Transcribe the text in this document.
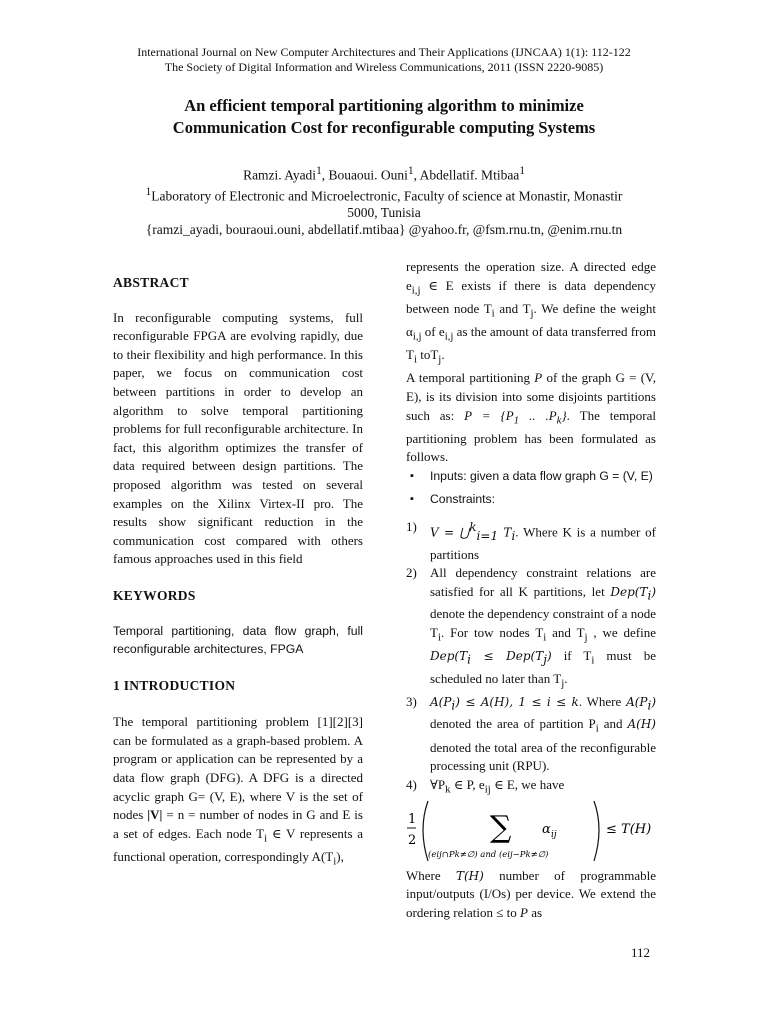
International Journal on New Computer Architectures and Their Applications (IJNCAA) 1(1): 112-122
The Society of Digital Information and Wireless Communications, 2011 (ISSN 2220-9085)
An efficient temporal partitioning algorithm to minimize
Communication Cost for reconfigurable computing Systems
Ramzi. Ayadi$^1$, Bouaoui. Ouni$^1$, Abdellatif. Mtibaa$^1$
$^1$Laboratory of Electronic and Microelectronic, Faculty of science at Monastir, Monastir
5000, Tunisia
{ramzi_ayadi, bouraoui.ouni, abdellatif.mtibaa} @yahoo.fr, @fsm.rnu.tn, @enim.rnu.tn

ABSTRACT

In reconfigurable computing systems, full reconfigurable FPGA are evolving rapidly, due to their flexibility and high performance. In this paper, we focus on communication cost between partitions in order to develop an algorithm to solve temporal partitioning problems for full reconfigurable architecture. In fact, this algorithm optimizes the transfer of data required between design partitions. The proposed algorithm was tested on several examples on the Xilinx Virtex-II pro. The results show significant reduction in the communication cost compared with others famous approaches used in this field

KEYWORDS

Temporal partitioning, data flow graph, full reconfigurable architectures, FPGA

1 INTRODUCTION

The temporal partitioning problem [1][2][3] can be formulated as a graph-based problem. A program or application can be represented by a data flow graph (DFG). A DFG is a directed acyclic graph G= (V, E), where V is the set of nodes |V| = n = number of nodes in G and E is a set of edges. Each node $T_i$ ∈ V represents a functional operation, correspondingly $A(T_i)$,

represents the operation size. A directed edge $e_{i,j}$ ∈ E exists if there is data dependency between node $T_i$ and $T_j$. We define the weight $\alpha_{i,j}$ of $e_{i,j}$ as the amount of data transferred from $T_i$ toT$_j$.

A temporal partitioning P of the graph G = (V, E), is its division into some disjoints partitions such as: $P = \{P_1$ .. $.P_k$}. The temporal partitioning problem has been formulated as follows.

▪ Inputs: given a data flow graph G = (V, E)
▪ Constraints:
1) V = ⋃$^k_{i=1}$ $T_i$. Where K is a number of partitions
2) All dependency constraint relations are satisfied for all K partitions, let $Dep(T_i)$ denote the dependency constraint of a node $T_i$. For tow nodes $T_i$ and $T_j$ , we define $Dep(T_i \le Dep(T_j)$ if $T_i$ must be scheduled no later than $T_j$.
3) $A(P_i) \le A(H)$, 1 ≤ i ≤ k. Where $A(P_i)$ denoted the area of partition $P_i$ and A(H) denoted the total area of the reconfigurable processing unit (RPU).
4) $\forall P_k$ ∈ P, $e_{ij}$ ∈ E, we have
1
2 ∑ α ij	≤ T(H)
(eij∩Pk≠∅) and (eij−Pk≠∅)

Where T(H) number of programmable input/outputs (I/Os) per device. We extend the ordering relation ≤ to P as

112
